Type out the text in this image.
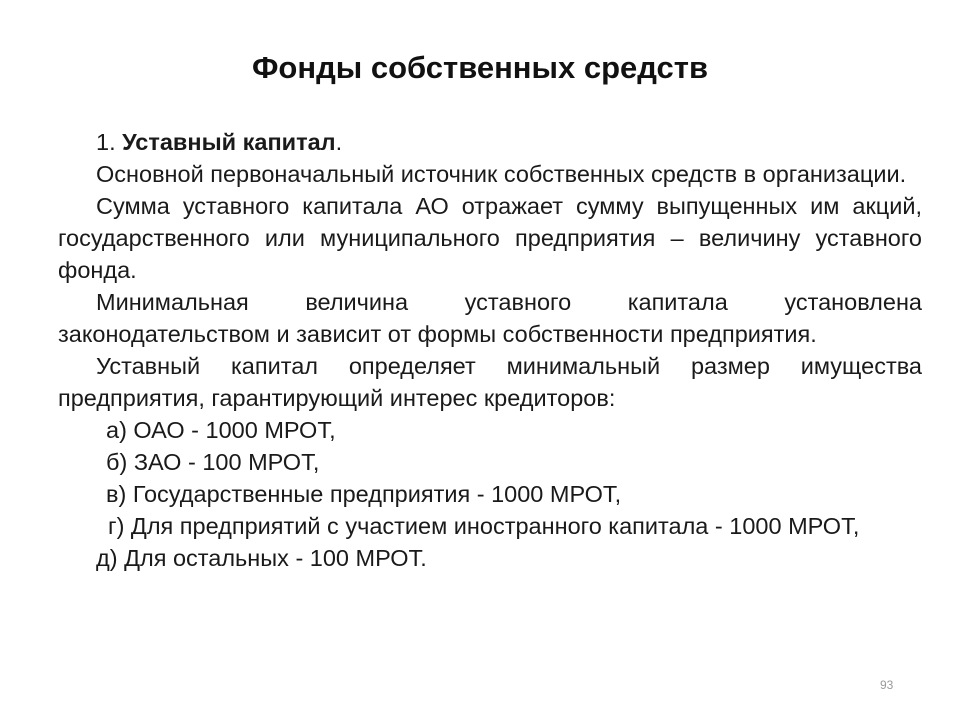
Фонды собственных средств

1. Уставный капитал.

Основной первоначальный источник собственных средств в организации.

Сумма уставного капитала АО отражает сумму выпущенных им акций, государственного или муниципального предприятия – величину уставного фонда.

Минимальная величина уставного капитала установлена законодательством и зависит от формы собственности предприятия.

Уставный капитал определяет минимальный размер имущества предприятия, гарантирующий интерес кредиторов:

а) ОАО - 1000 МРОТ,

б) ЗАО - 100 МРОТ,

в) Государственные предприятия - 1000 МРОТ,

г) Для предприятий с участием иностранного капитала - 1000 МРОТ,

д) Для остальных - 100 МРОТ.

93
